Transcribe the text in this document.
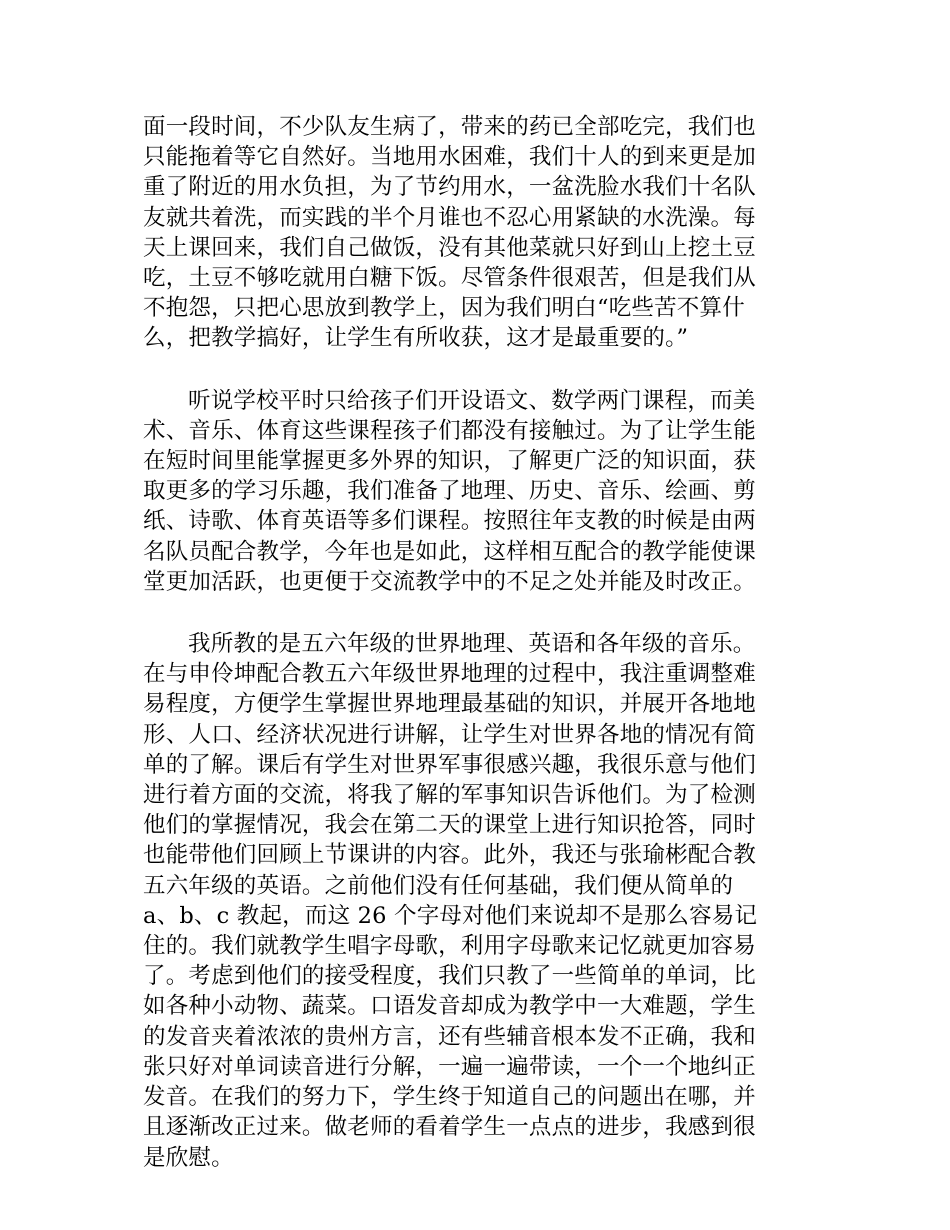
面一段时间，不少队友生病了，带来的药已全部吃完，我们也
只能拖着等它自然好。当地用水困难，我们十人的到来更是加
重了附近的用水负担，为了节约用水，一盆洗脸水我们十名队
友就共着洗，而实践的半个月谁也不忍心用紧缺的水洗澡。每
天上课回来，我们自己做饭，没有其他菜就只好到山上挖土豆
吃，土豆不够吃就用白糖下饭。尽管条件很艰苦，但是我们从
不抱怨，只把心思放到教学上，因为我们明白“吃些苦不算什
么，把教学搞好，让学生有所收获，这才是最重要的。”
听说学校平时只给孩子们开设语文、数学两门课程，而美
术、音乐、体育这些课程孩子们都没有接触过。为了让学生能
在短时间里能掌握更多外界的知识，了解更广泛的知识面，获
取更多的学习乐趣，我们准备了地理、历史、音乐、绘画、剪
纸、诗歌、体育英语等多们课程。按照往年支教的时候是由两
名队员配合教学，今年也是如此，这样相互配合的教学能使课
堂更加活跃，也更便于交流教学中的不足之处并能及时改正。
我所教的是五六年级的世界地理、英语和各年级的音乐。
在与申伶坤配合教五六年级世界地理的过程中，我注重调整难
易程度，方便学生掌握世界地理最基础的知识，并展开各地地
形、人口、经济状况进行讲解，让学生对世界各地的情况有简
单的了解。课后有学生对世界军事很感兴趣，我很乐意与他们
进行着方面的交流，将我了解的军事知识告诉他们。为了检测
他们的掌握情况，我会在第二天的课堂上进行知识抢答，同时
也能带他们回顾上节课讲的内容。此外，我还与张瑜彬配合教
五六年级的英语。之前他们没有任何基础，我们便从简单的
a、b、c 教起，而这 26 个字母对他们来说却不是那么容易记
住的。我们就教学生唱字母歌，利用字母歌来记忆就更加容易
了。考虑到他们的接受程度，我们只教了一些简单的单词，比
如各种小动物、蔬菜。口语发音却成为教学中一大难题，学生
的发音夹着浓浓的贵州方言，还有些辅音根本发不正确，我和
张只好对单词读音进行分解，一遍一遍带读，一个一个地纠正
发音。在我们的努力下，学生终于知道自己的问题出在哪，并
且逐渐改正过来。做老师的看着学生一点点的进步，我感到很
是欣慰。
